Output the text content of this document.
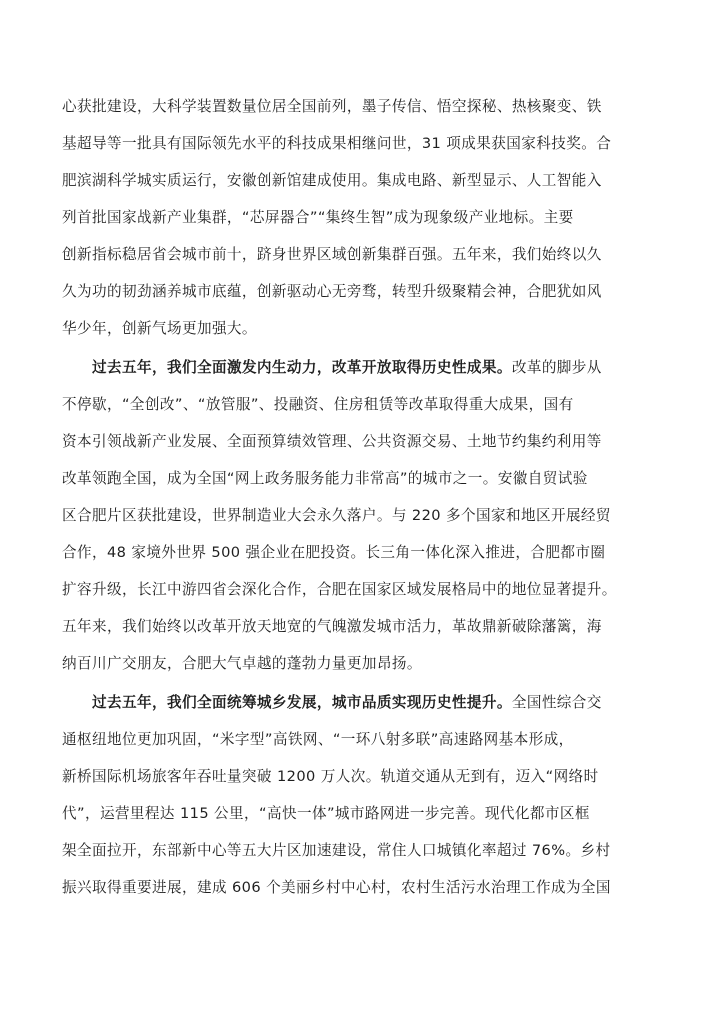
心获批建设，大科学装置数量位居全国前列，墨子传信、悟空探秘、热核聚变、铁
基超导等一批具有国际领先水平的科技成果相继问世，31 项成果获国家科技奖。合
肥滨湖科学城实质运行，安徽创新馆建成使用。集成电路、新型显示、人工智能入
列首批国家战新产业集群，“芯屏器合”“集终生智”成为现象级产业地标。主要
创新指标稳居省会城市前十，跻身世界区域创新集群百强。五年来，我们始终以久
久为功的韧劲涵养城市底蕴，创新驱动心无旁骛，转型升级聚精会神，合肥犹如风
华少年，创新气场更加强大。
过去五年，我们全面激发内生动力，改革开放取得历史性成果。改革的脚步从
不停歇，“全创改”、“放管服”、投融资、住房租赁等改革取得重大成果，国有
资本引领战新产业发展、全面预算绩效管理、公共资源交易、土地节约集约利用等
改革领跑全国，成为全国“网上政务服务能力非常高”的城市之一。安徽自贸试验
区合肥片区获批建设，世界制造业大会永久落户。与 220 多个国家和地区开展经贸
合作，48 家境外世界 500 强企业在肥投资。长三角一体化深入推进，合肥都市圈
扩容升级，长江中游四省会深化合作，合肥在国家区域发展格局中的地位显著提升。
五年来，我们始终以改革开放天地宽的气魄激发城市活力，革故鼎新破除藩篱，海
纳百川广交朋友，合肥大气卓越的蓬勃力量更加昂扬。
过去五年，我们全面统筹城乡发展，城市品质实现历史性提升。全国性综合交
通枢纽地位更加巩固，“米字型”高铁网、“一环八射多联”高速路网基本形成，
新桥国际机场旅客年吞吐量突破 1200 万人次。轨道交通从无到有，迈入“网络时
代”，运营里程达 115 公里，“高快一体”城市路网进一步完善。现代化都市区框
架全面拉开，东部新中心等五大片区加速建设，常住人口城镇化率超过 76%。乡村
振兴取得重要进展，建成 606 个美丽乡村中心村，农村生活污水治理工作成为全国
